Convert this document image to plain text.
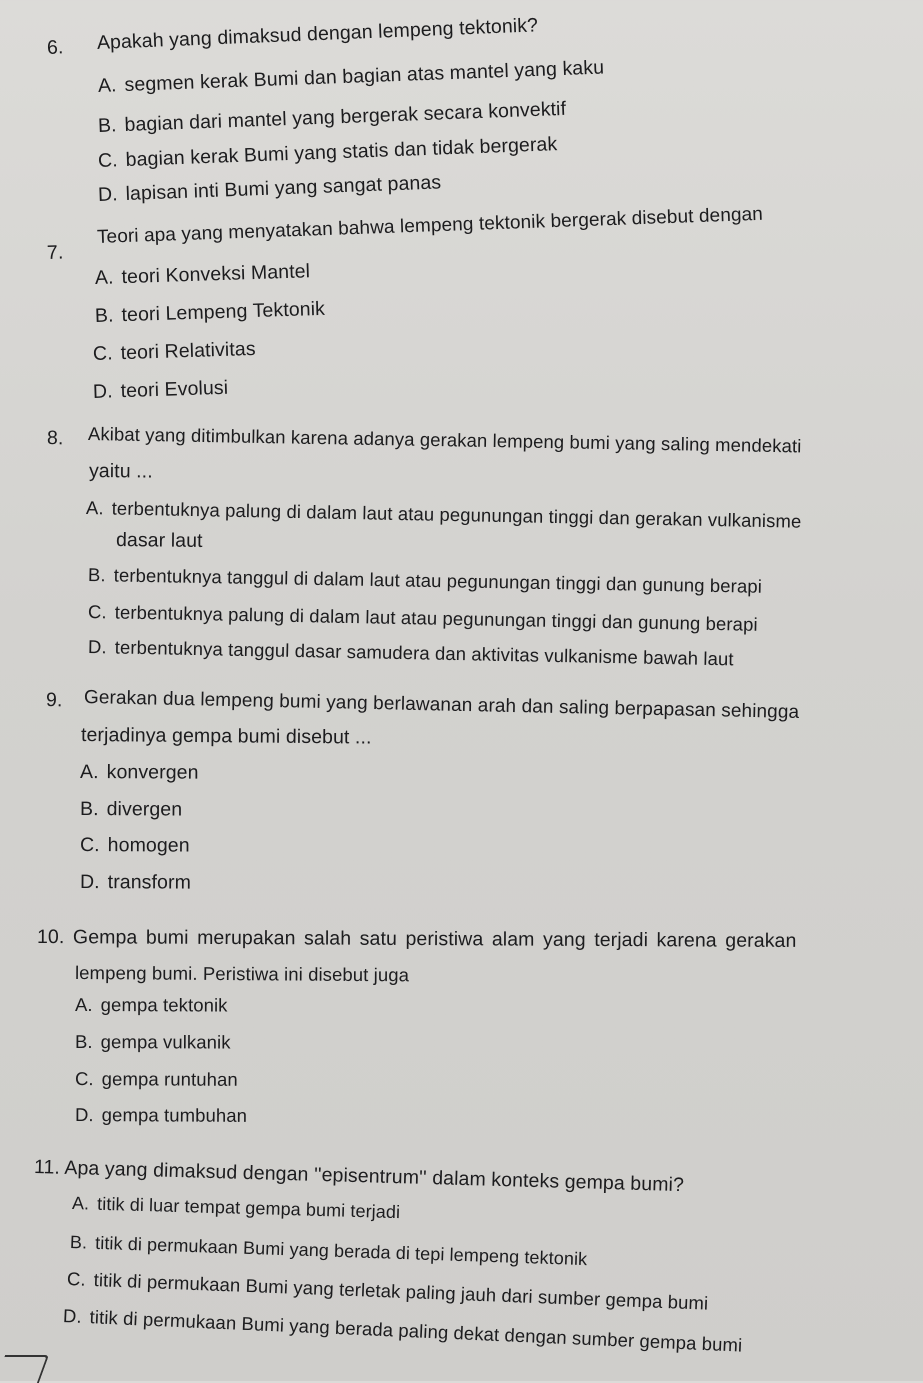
6. Apakah yang dimaksud dengan lempeng tektonik?
A. segmen kerak Bumi dan bagian atas mantel yang kaku
B. bagian dari mantel yang bergerak secara konvektif
C. bagian kerak Bumi yang statis dan tidak bergerak
D. lapisan inti Bumi yang sangat panas
7.
Teori apa yang menyatakan bahwa lempeng tektonik bergerak disebut dengan
A. teori Konveksi Mantel
B. teori Lempeng Tektonik
C. teori Relativitas
D. teori Evolusi
8. Akibat yang ditimbulkan karena adanya gerakan lempeng bumi yang saling mendekati
yaitu ...
A. terbentuknya palung di dalam laut atau pegunungan tinggi dan gerakan vulkanisme
dasar laut
B. terbentuknya tanggul di dalam laut atau pegunungan tinggi dan gunung berapi
C. terbentuknya palung di dalam laut atau pegunungan tinggi dan gunung berapi
D. terbentuknya tanggul dasar samudera dan aktivitas vulkanisme bawah laut
9. Gerakan dua lempeng bumi yang berlawanan arah dan saling berpapasan sehingga
terjadinya gempa bumi disebut ...
A. konvergen
B. divergen
C. homogen
D. transform
10. Gempa bumi merupakan salah satu peristiwa alam yang terjadi karena gerakan
lempeng bumi. Peristiwa ini disebut juga
A. gempa tektonik
B. gempa vulkanik
C. gempa runtuhan
D. gempa tumbuhan
11. Apa yang dimaksud dengan ''episentrum'' dalam konteks gempa bumi?
A. titik di luar tempat gempa bumi terjadi
B. titik di permukaan Bumi yang berada di tepi lempeng tektonik
C. titik di permukaan Bumi yang terletak paling jauh dari sumber gempa bumi
D. titik di permukaan Bumi yang berada paling dekat dengan sumber gempa bumi
